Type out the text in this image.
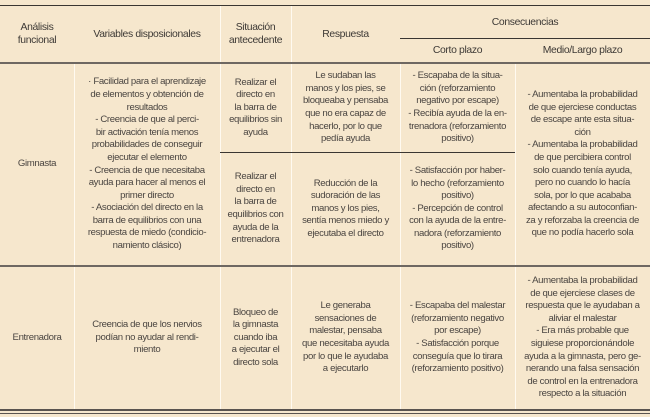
Análisis
funcional
Variables disposicionales
Situación
antecedente
Respuesta
Consecuencias
Corto plazo	Medio/Largo plazo
Gimnasta
· Facilidad para el aprendizaje
de elementos y obtención de
resultados
- Creencia de que al perci-
bir activación tenía menos
probabilidades de conseguir
ejecutar el elemento
- Creencia de que necesitaba
ayuda para hacer al menos el
primer directo
- Asociación del directo en la
barra de equilibrios con una
respuesta de miedo (condicio-
namiento clásico)
Realizar el
directo en
la barra de
equilibrios sin
ayuda
Le sudaban las
manos y los pies, se
bloqueaba y pensaba
que no era capaz de
hacerlo, por lo que
pedía ayuda
- Escapaba de la situa-
ción (reforzamiento
negativo por escape)
- Recibía ayuda de la en-
trenadora (reforzamiento
positivo)
Realizar el
directo en
la barra de
equilibrios con
ayuda de la
entrenadora
Reducción de la
sudoración de las
manos y los pies,
sentía menos miedo y
ejecutaba el directo
- Satisfacción por haber-
lo hecho (reforzamiento
positivo)
- Percepción de control
con la ayuda de la entre-
nadora (reforzamiento
positivo)
- Aumentaba la probabilidad
de que ejerciese conductas
de escape ante esta situa-
ción
- Aumentaba la probabilidad
de que percibiera control
solo cuando tenía ayuda,
pero no cuando lo hacía
sola, por lo que acababa
afectando a su autoconfian-
za y reforzaba la creencia de
que no podía hacerlo sola
Entrenadora
Creencia de que los nervios
podían no ayudar al rendi-
miento
Bloqueo de
la gimnasta
cuando iba
a ejecutar el
directo sola
Le generaba
sensaciones de
malestar, pensaba
que necesitaba ayuda
por lo que le ayudaba
a ejecutarlo
- Escapaba del malestar
(reforzamiento negativo
por escape)
- Satisfacción porque
conseguía que lo tirara
(reforzamiento positivo)
- Aumentaba la probabilidad
de que ejerciese clases de
respuesta que le ayudaban a
aliviar el malestar
- Era más probable que
siguiese proporcionándole
ayuda a la gimnasta, pero ge-
nerando una falsa sensación
de control en la entrenadora
respecto a la situación
